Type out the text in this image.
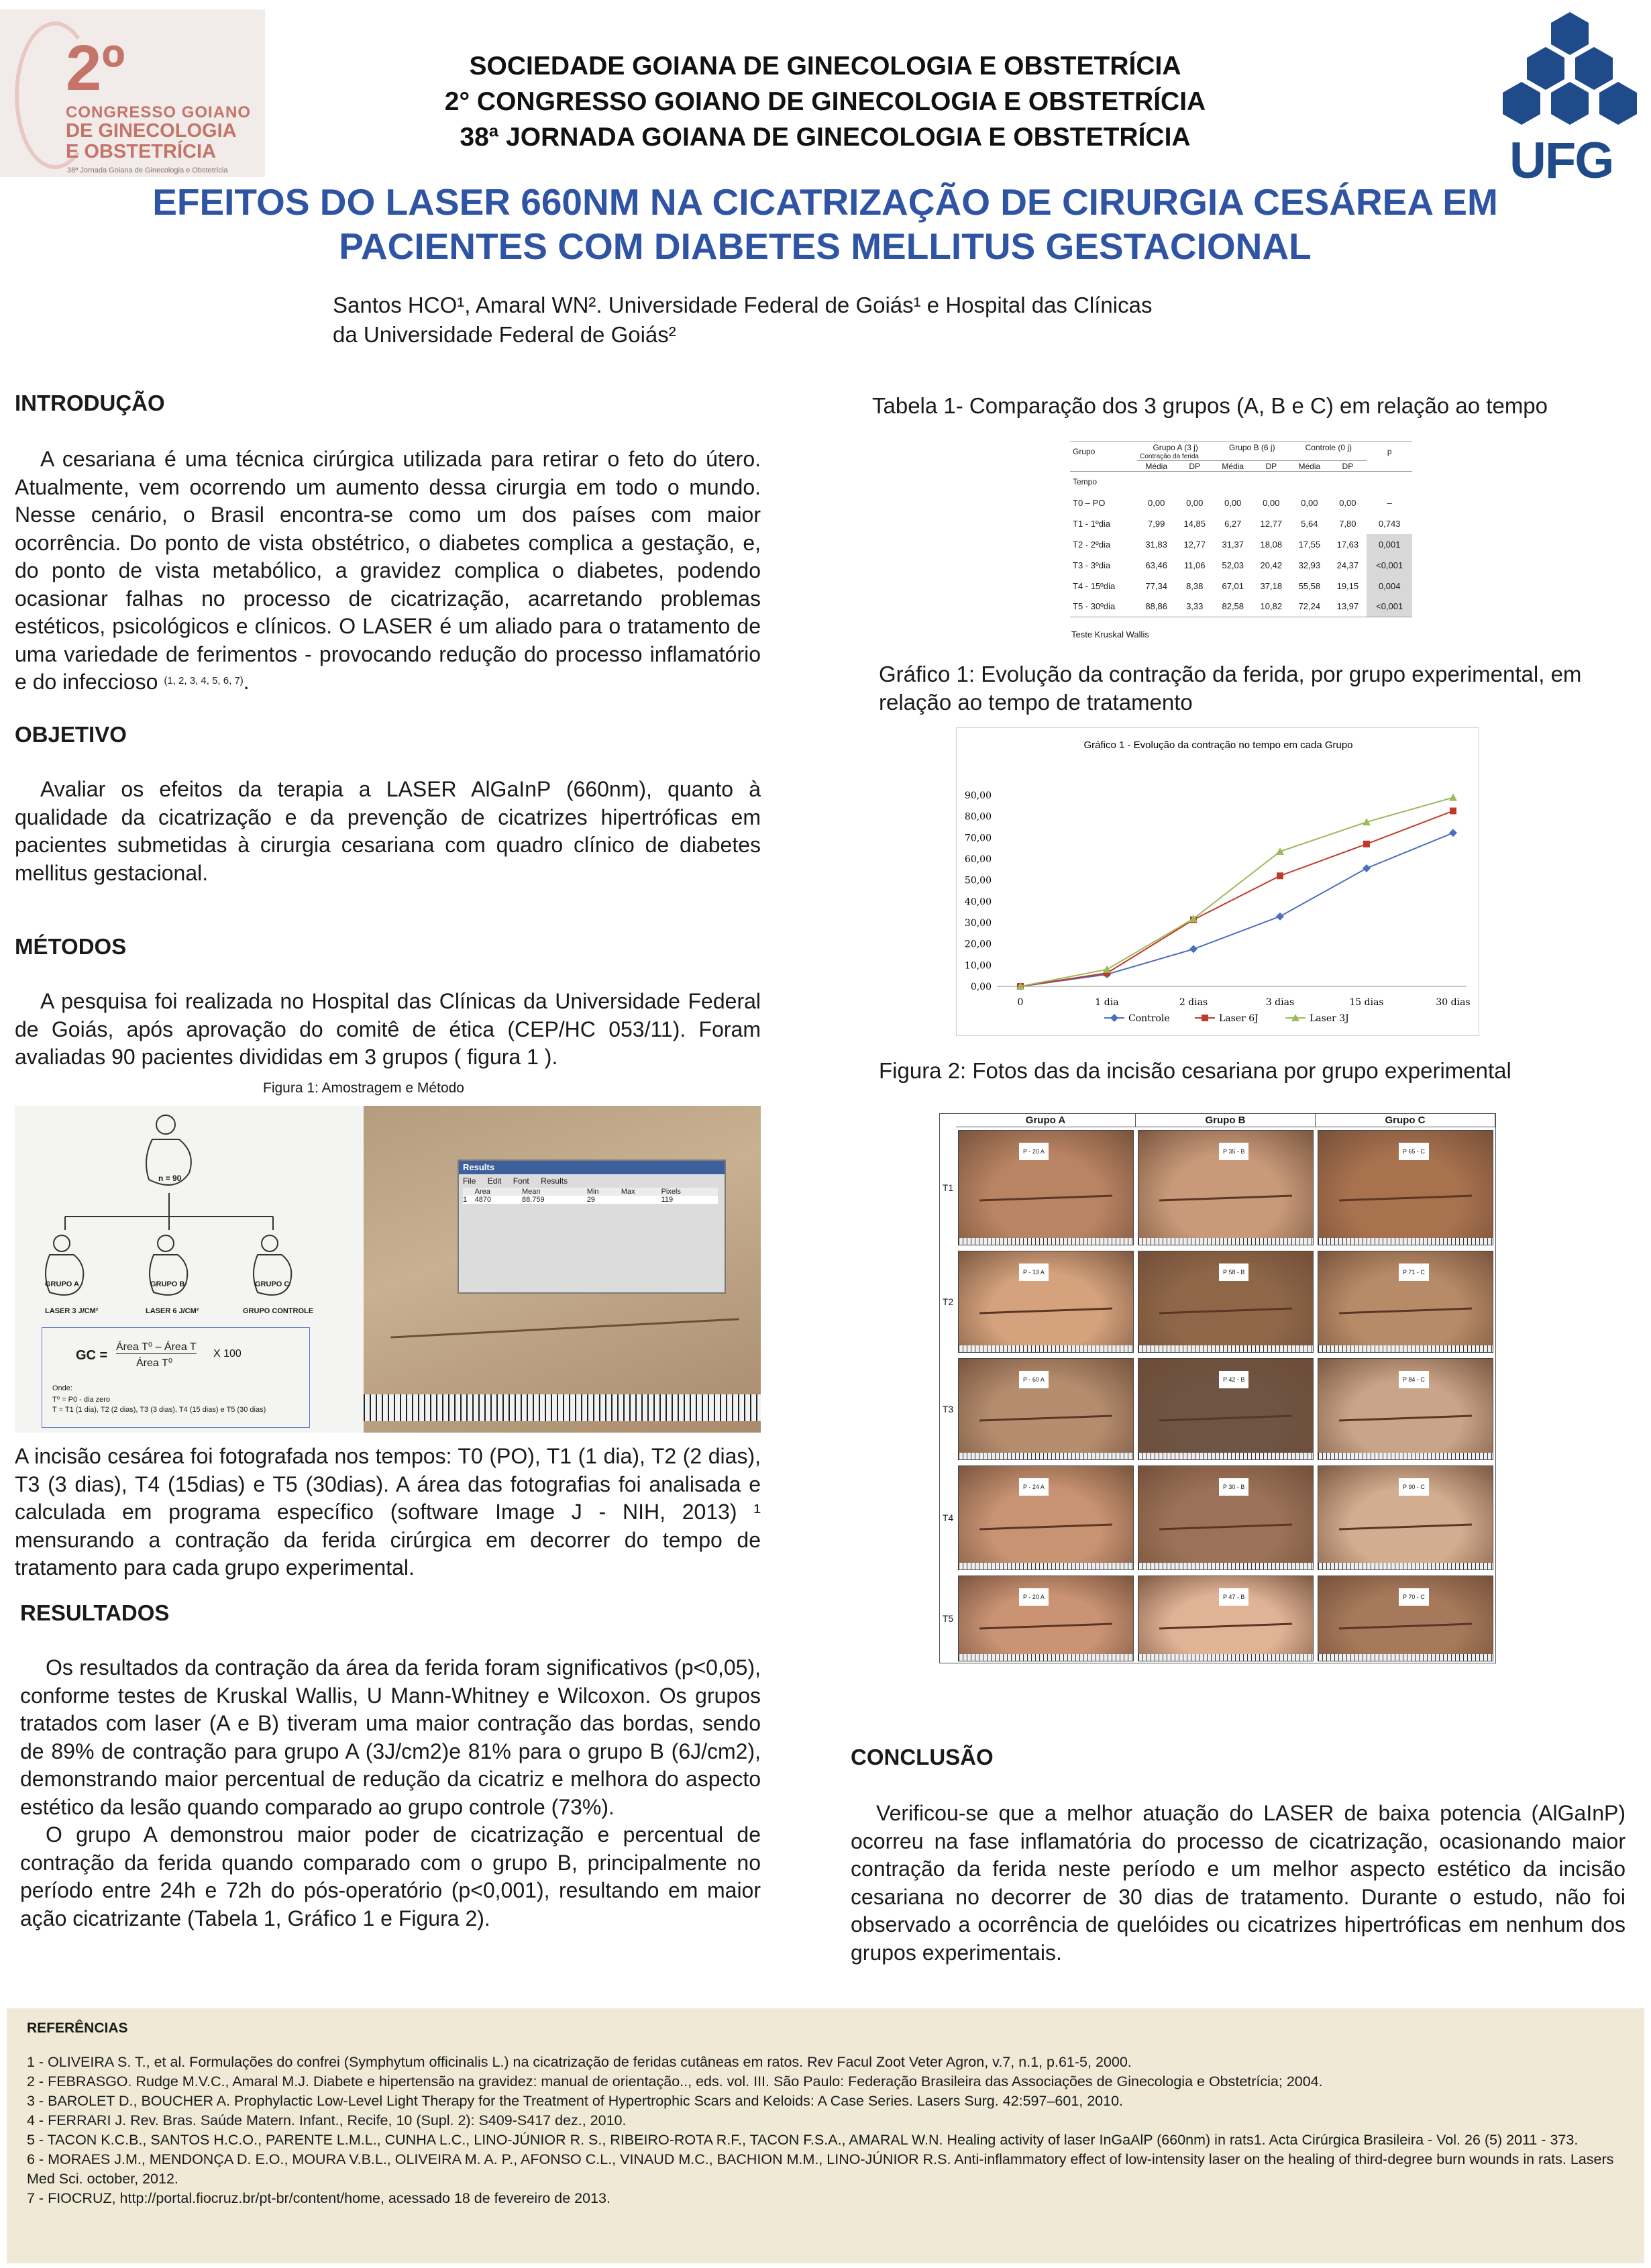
2º
CONGRESSO GOIANO
DE GINECOLOGIA
E OBSTETRÍCIA
38ª Jornada Goiana de Ginecologia e Obstetrícia
SOCIEDADE GOIANA DE GINECOLOGIA E OBSTETRÍCIA
2° CONGRESSO GOIANO DE GINECOLOGIA E OBSTETRÍCIA
38ª JORNADA GOIANA DE GINECOLOGIA E OBSTETRÍCIA	UFG
EFEITOS DO LASER 660NM NA CICATRIZAÇÃO DE CIRURGIA CESÁREA EM
PACIENTES COM DIABETES MELLITUS GESTACIONAL
Santos HCO¹, Amaral WN². Universidade Federal de Goiás¹ e Hospital das Clínicas
da Universidade Federal de Goiás²
INTRODUÇÃO
A cesariana é uma técnica cirúrgica utilizada para retirar o feto do útero. Atualmente, vem ocorrendo um aumento dessa cirurgia em todo o mundo. Nesse cenário, o Brasil encontra-se como um dos países com maior ocorrência. Do ponto de vista obstétrico, o diabetes complica a gestação, e, do ponto de vista metabólico, a gravidez complica o diabetes, podendo ocasionar falhas no processo de cicatrização, acarretando problemas estéticos, psicológicos e clínicos. O LASER é um aliado para o tratamento de uma variedade de ferimentos - provocando redução do processo inflamatório e do infeccioso $^{(1, 2, 3, 4, 5, 6, 7)}$.
OBJETIVO
Avaliar os efeitos da terapia a LASER AlGaInP (660nm), quanto à qualidade da cicatrização e da prevenção de cicatrizes hipertróficas em pacientes submetidas à cirurgia cesariana com quadro clínico de diabetes mellitus gestacional.
MÉTODOS
A pesquisa foi realizada no Hospital das Clínicas da Universidade Federal de Goiás, após aprovação do comitê de ética (CEP/HC 053/11). Foram avaliadas 90 pacientes divididas em 3 grupos ( figura 1 ).
Figura 1: Amostragem e Método
n = 90
GRUPO A	GRUPO B	GRUPO C
LASER 3 J/CM²	LASER 6 J/CM²	GRUPO CONTROLE
GC =
Área T⁰ – Área T
Área T⁰
X 100
Onde:
T⁰ = P0 - dia zero
T = T1 (1 dia), T2 (2 dias), T3 (3 dias), T4 (15 dias) e T5 (30 dias)
Results
File Edit Font Results
	Area	Mean	Min	Max	Pixels
1	4870	88.759	29		119
A incisão cesárea foi fotografada nos tempos: T0 (PO), T1 (1 dia), T2 (2 dias), T3 (3 dias), T4 (15dias) e T5 (30dias). A área das fotografias foi analisada e calculada em programa específico (software Image J - NIH, 2013) ¹ mensurando a contração da ferida cirúrgica em decorrer do tempo de tratamento para cada grupo experimental.
RESULTADOS
Os resultados da contração da área da ferida foram significativos (p<0,05), conforme testes de Kruskal Wallis, U Mann-Whitney e Wilcoxon. Os grupos tratados com laser (A e B) tiveram uma maior contração das bordas, sendo de 89% de contração para grupo A (3J/cm2)e 81% para o grupo B (6J/cm2), demonstrando maior percentual de redução da cicatriz e melhora do aspecto estético da lesão quando comparado ao grupo controle (73%).
O grupo A demonstrou maior poder de cicatrização e percentual de contração da ferida quando comparado com o grupo B, principalmente no período entre 24h e 72h do pós-operatório (p<0,001), resultando em maior ação cicatrizante (Tabela 1, Gráfico 1 e Figura 2).
Tabela 1- Comparação dos 3 grupos (A, B e C) em relação ao tempo
Grupo	Grupo A (3 j)		Grupo B (6 j)		Controle (0 j)		p
	Contração da ferida						
	Média	DP	Média	DP	Média	DP	
Tempo							
T0 – PO	0,00	0,00	0,00	0,00	0,00	0,00	–
T1 - 1ºdia	7,99	14,85	6,27	12,77	5,64	7,80	0,743
T2 - 2ºdia	31,83	12,77	31,37	18,08	17,55	17,63	0,001
T3 - 3ºdia	63,46	11,06	52,03	20,42	32,93	24,37	<0,001
T4 - 15ºdia	77,34	8,38	67,01	37,18	55,58	19,15	0,004
T5 - 30ºdia	88,86	3,33	82,58	10,82	72,24	13,97	<0,001
Teste Kruskal Wallis
Gráfico 1: Evolução da contração da ferida, por grupo experimental, em relação ao tempo de tratamento
Gráfico 1 - Evolução da contração no tempo em cada Grupo
0,00
10,00
20,00
30,00
40,00
50,00
60,00
70,00
80,00
90,00
0	1 dia	2 dias	3 dias	15 dias	30 dias
Controle	Laser 6J	Laser 3J
Figura 2: Fotos das da incisão cesariana por grupo experimental
Grupo A	Grupo B	Grupo C
T1
P - 20 A	P 35 - B	P 65 - C
T2
P - 13 A	P 58 - B	P 71 - C
T3
P - 60 A	P 42 - B	P 84 - C
T4
P - 24 A	P 30 - B	P 90 - C
T5
P - 20 A	P 47 - B	P 70 - C
CONCLUSÃO
Verificou-se que a melhor atuação do LASER de baixa potencia (AlGaInP) ocorreu na fase inflamatória do processo de cicatrização, ocasionando maior contração da ferida neste período e um melhor aspecto estético da incisão cesariana no decorrer de 30 dias de tratamento. Durante o estudo, não foi observado a ocorrência de quelóides ou cicatrizes hipertróficas em nenhum dos grupos experimentais.
REFERÊNCIAS
1 - OLIVEIRA S. T., et al. Formulações do confrei (Symphytum officinalis L.) na cicatrização de feridas cutâneas em ratos. Rev Facul Zoot Veter Agron, v.7, n.1, p.61-5, 2000.
2 - FEBRASGO. Rudge M.V.C., Amaral M.J. Diabete e hipertensão na gravidez: manual de orientação.., eds. vol. III. São Paulo: Federação Brasileira das Associações de Ginecologia e Obstetrícia; 2004.
3 - BAROLET D., BOUCHER A. Prophylactic Low-Level Light Therapy for the Treatment of Hypertrophic Scars and Keloids: A Case Series. Lasers Surg. 42:597–601, 2010.
4 - FERRARI J. Rev. Bras. Saúde Matern. Infant., Recife, 10 (Supl. 2): S409-S417 dez., 2010.
5 - TACON K.C.B., SANTOS H.C.O., PARENTE L.M.L., CUNHA L.C., LINO-JÚNIOR R. S., RIBEIRO-ROTA R.F., TACON F.S.A., AMARAL W.N. Healing activity of laser InGaAlP (660nm) in rats1. Acta Cirúrgica Brasileira - Vol. 26 (5) 2011 - 373.
6 - MORAES J.M., MENDONÇA D. E.O., MOURA V.B.L., OLIVEIRA M. A. P., AFONSO C.L., VINAUD M.C., BACHION M.M., LINO-JÚNIOR R.S. Anti-inflammatory effect of low-intensity laser on the healing of third-degree burn wounds in rats. Lasers Med Sci. october, 2012.
7 - FIOCRUZ, http://portal.fiocruz.br/pt-br/content/home, acessado 18 de fevereiro de 2013.
